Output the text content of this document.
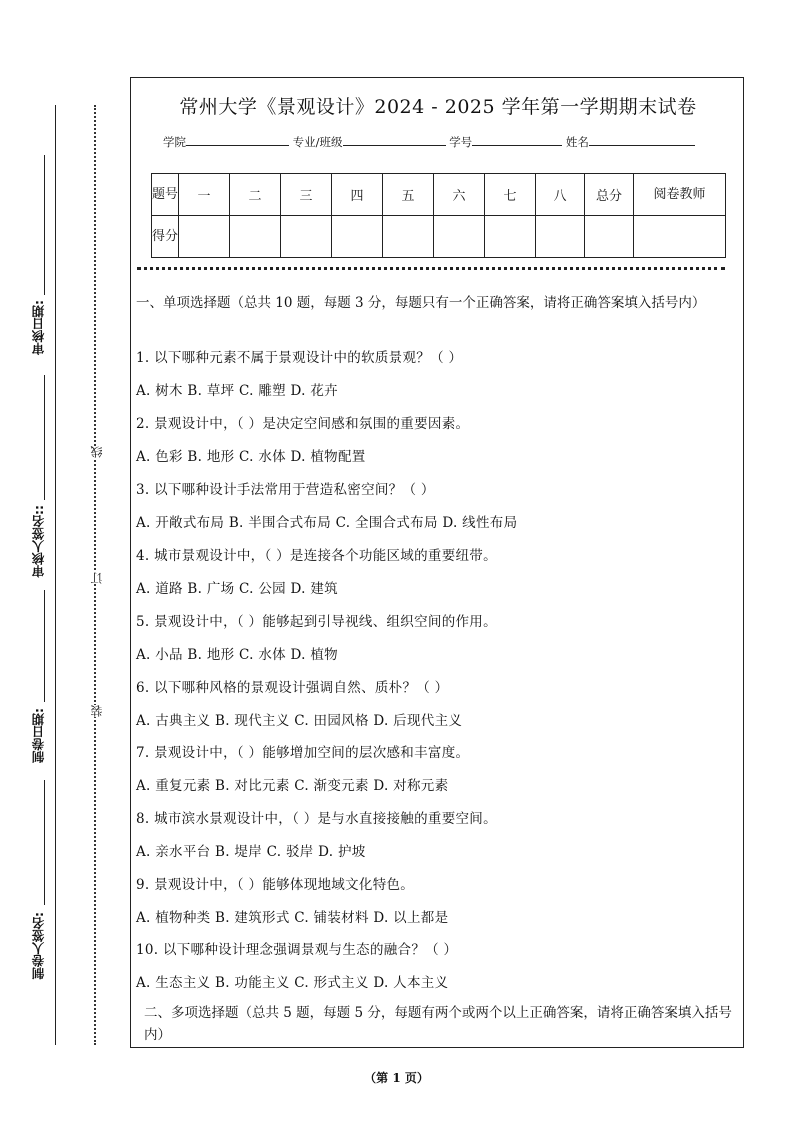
审核日期:
审核人签名::
制卷日期:
制卷人签名:
线
订
装
常州大学《景观设计》2024 - 2025 学年第一学期期末试卷
学院	专业/班级	学号	姓名
题号	一	二	三	四	五	六	七	八	总分	阅卷教师
得分										
一、单项选择题（总共 10 题，每题 3 分，每题只有一个正确答案，请将正确答案填入括号内）
1. 以下哪种元素不属于景观设计中的软质景观？（ ）
A. 树木 B. 草坪 C. 雕塑 D. 花卉
2. 景观设计中，（ ）是决定空间感和氛围的重要因素。
A. 色彩 B. 地形 C. 水体 D. 植物配置
3. 以下哪种设计手法常用于营造私密空间？（ ）
A. 开敞式布局 B. 半围合式布局 C. 全围合式布局 D. 线性布局
4. 城市景观设计中，（ ）是连接各个功能区域的重要纽带。
A. 道路 B. 广场 C. 公园 D. 建筑
5. 景观设计中，（ ）能够起到引导视线、组织空间的作用。
A. 小品 B. 地形 C. 水体 D. 植物
6. 以下哪种风格的景观设计强调自然、质朴？（ ）
A. 古典主义 B. 现代主义 C. 田园风格 D. 后现代主义
7. 景观设计中，（ ）能够增加空间的层次感和丰富度。
A. 重复元素 B. 对比元素 C. 渐变元素 D. 对称元素
8. 城市滨水景观设计中，（ ）是与水直接接触的重要空间。
A. 亲水平台 B. 堤岸 C. 驳岸 D. 护坡
9. 景观设计中，（ ）能够体现地域文化特色。
A. 植物种类 B. 建筑形式 C. 铺装材料 D. 以上都是
10. 以下哪种设计理念强调景观与生态的融合？（ ）
A. 生态主义 B. 功能主义 C. 形式主义 D. 人本主义
二、多项选择题（总共 5 题，每题 5 分，每题有两个或两个以上正确答案，请将正确答案填入括号内）
（第 1 页）
